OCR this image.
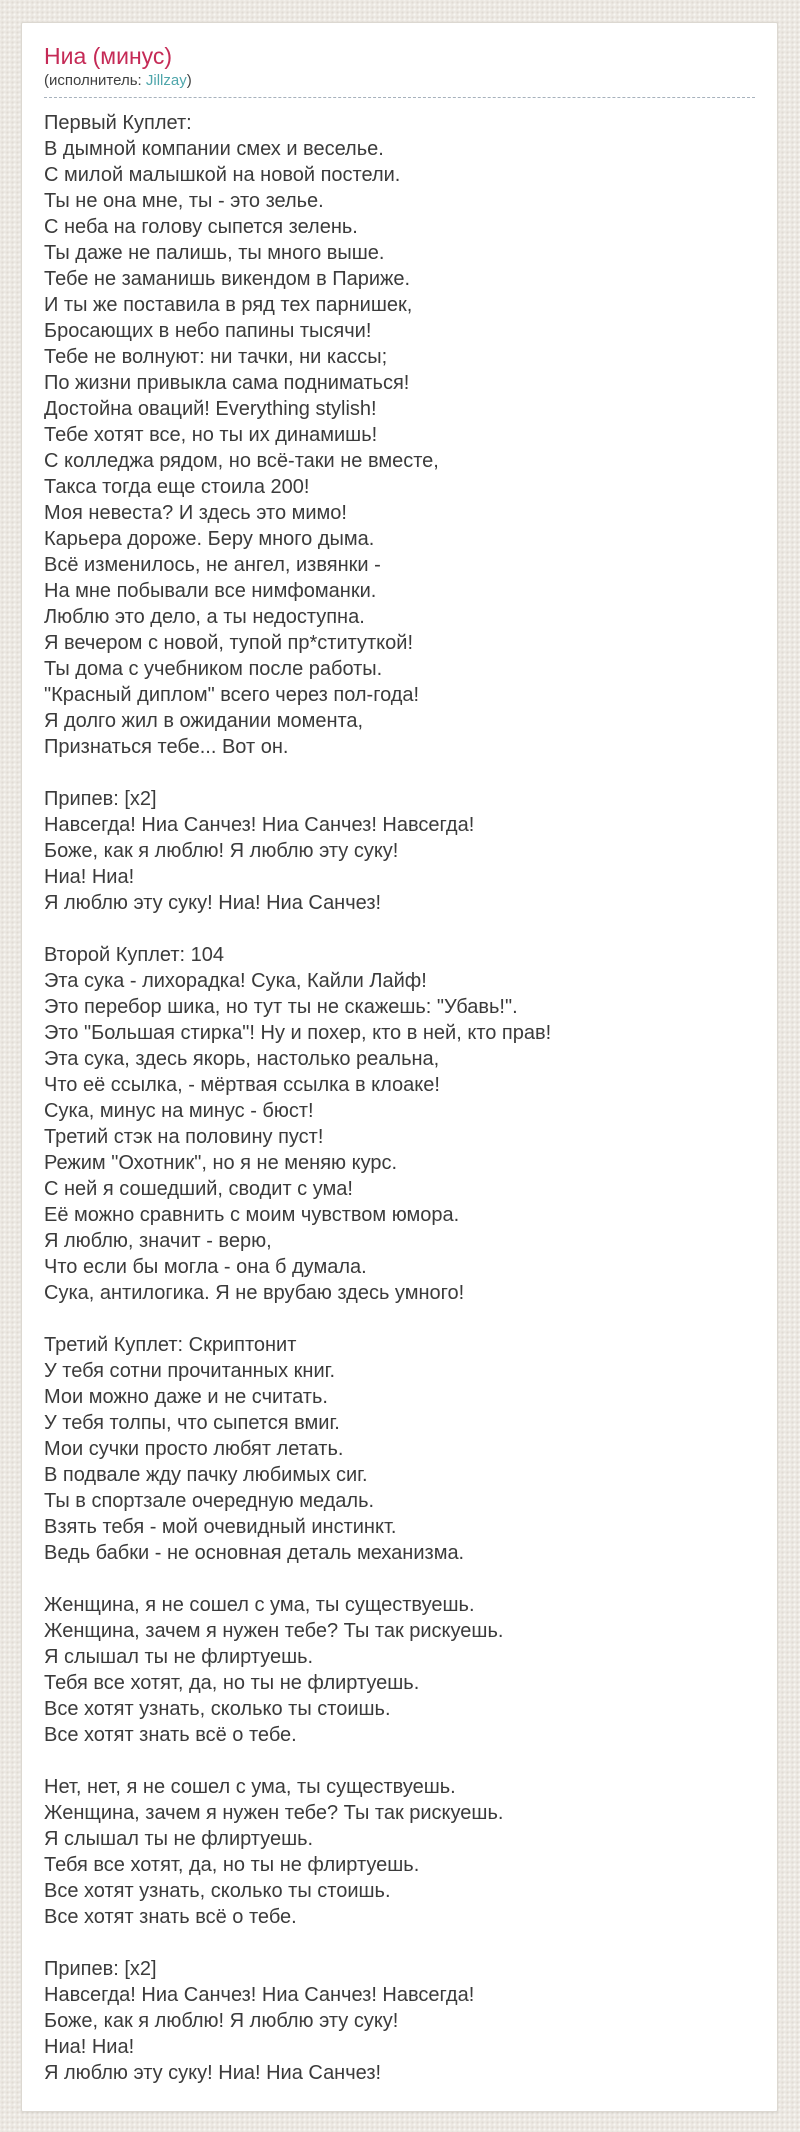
Ниа (минус)
(исполнитель: Jillzay)

Первый Куплет:
В дымной компании смех и веселье.
С милой малышкой на новой постели.
Ты не она мне, ты - это зелье.
С неба на голову сыпется зелень.
Ты даже не палишь, ты много выше.
Тебе не заманишь викендом в Париже.
И ты же поставила в ряд тех парнишек,
Бросающих в небо папины тысячи!
Тебе не волнуют: ни тачки, ни кассы;
По жизни привыкла сама подниматься!
Достойна оваций! Everything stylish!
Тебе хотят все, но ты их динамишь!
С колледжа рядом, но всё-таки не вместе,
Такса тогда еще стоила 200!
Моя невеста? И здесь это мимо!
Карьера дороже. Беру много дыма.
Всё изменилось, не ангел, извянки -
На мне побывали все нимфоманки.
Люблю это дело, а ты недоступна.
Я вечером с новой, тупой пр*ституткой!
Ты дома с учебником после работы.
"Красный диплом" всего через пол-года!
Я долго жил в ожидании момента,
Признаться тебе... Вот он.

Припев: [x2]
Навсегда! Ниа Санчез! Ниа Санчез! Навсегда!
Боже, как я люблю! Я люблю эту суку!
Ниа! Ниа!
Я люблю эту суку! Ниа! Ниа Санчез!

Второй Куплет: 104
Эта сука - лихорадка! Сука, Кайли Лайф!
Это перебор шика, но тут ты не скажешь: "Убавь!".
Это "Большая стирка"! Ну и похер, кто в ней, кто прав!
Эта сука, здесь якорь, настолько реальна,
Что её ссылка, - мёртвая ссылка в клоаке!
Сука, минус на минус - бюст!
Третий стэк на половину пуст!
Режим "Охотник", но я не меняю курс.
С ней я сошедший, сводит с ума!
Её можно сравнить с моим чувством юмора.
Я люблю, значит - верю,
Что если бы могла - она б думала.
Сука, антилогика. Я не врубаю здесь умного!

Третий Куплет: Скриптонит
У тебя сотни прочитанных книг.
Мои можно даже и не считать.
У тебя толпы, что сыпется вмиг.
Мои сучки просто любят летать.
В подвале жду пачку любимых сиг.
Ты в спортзале очередную медаль.
Взять тебя - мой очевидный инстинкт.
Ведь бабки - не основная деталь механизма.

Женщина, я не сошел с ума, ты существуешь.
Женщина, зачем я нужен тебе? Ты так рискуешь.
Я слышал ты не флиртуешь.
Тебя все хотят, да, но ты не флиртуешь.
Все хотят узнать, сколько ты стоишь.
Все хотят знать всё о тебе.

Нет, нет, я не сошел с ума, ты существуешь.
Женщина, зачем я нужен тебе? Ты так рискуешь.
Я слышал ты не флиртуешь.
Тебя все хотят, да, но ты не флиртуешь.
Все хотят узнать, сколько ты стоишь.
Все хотят знать всё о тебе.

Припев: [x2]
Навсегда! Ниа Санчез! Ниа Санчез! Навсегда!
Боже, как я люблю! Я люблю эту суку!
Ниа! Ниа!
Я люблю эту суку! Ниа! Ниа Санчез!
